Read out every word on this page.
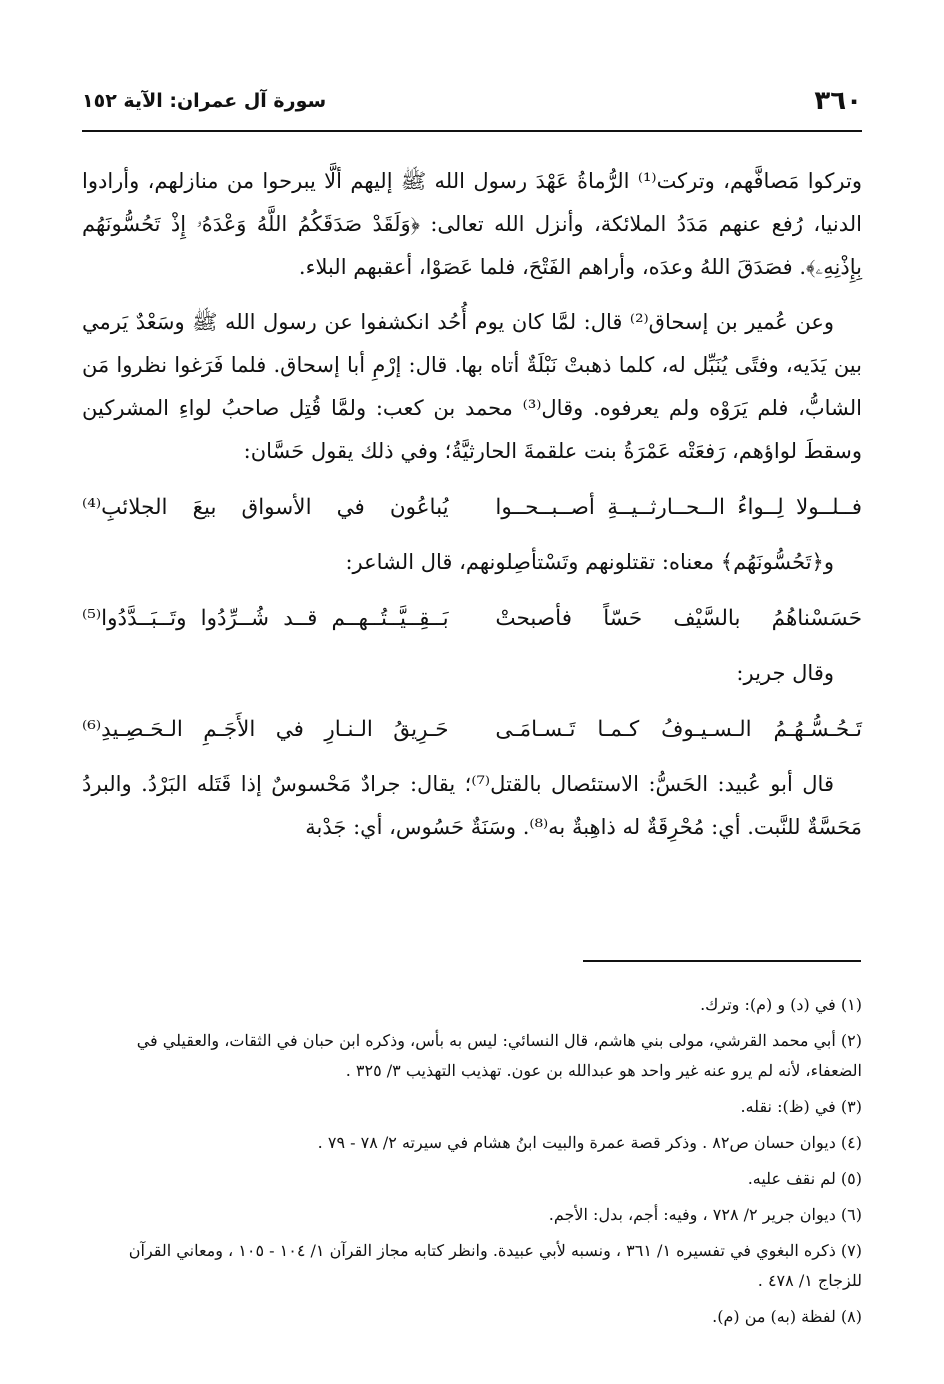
٣٦٠
سورة آل عمران: الآية ١٥٢

وتركوا مَصافَّهم، وتركت⁽¹⁾ الرُّماةُ عَهْدَ رسول الله ﷺ إليهم ألَّا يبرحوا من منازلهم، وأرادوا الدنيا، رُفع عنهم مَدَدُ الملائكة، وأنزل الله تعالى: ﴿وَلَقَدْ صَدَقَكُمُ اللَّهُ وَعْدَهُۥ إِذْ تَحُسُّونَهُم بِإِذْنِهِۦ﴾. فصَدَقَ اللهُ وعدَه، وأراهم الفَتْحَ، فلما عَصَوْا، أعقبهم البلاء.

وعن عُمير بن إسحاق⁽²⁾ قال: لمَّا كان يوم أُحُد انكشفوا عن رسول الله ﷺ وسَعْدٌ يَرمي بين يَدَيه، وفتًى يُنَبِّل له، كلما ذهبتْ نَبْلَةٌ أتاه بها. قال: إرْمِ أبا إسحاق. فلما فَرَغوا نظروا مَن الشابُّ، فلم يَرَوْه ولم يعرفوه. وقال⁽³⁾ محمد بن كعب: ولمَّا قُتِل صاحبُ لواءِ المشركين وسقطَ لواؤهم، رَفعَتْه عَمْرَةُ بنت علقمةَ الحارثيَّةُ؛ وفي ذلك يقول حَسَّان:

فــلــولا لِــواءُ الــحــارثــيــةِ أصــبــحــوا
يُباعُون في الأسواق بيعَ الجلائبِ⁽⁴⁾

و﴿تَحُسُّونَهُم﴾ معناه: تقتلونهم وتَسْتأصِلونهم، قال الشاعر:

حَسَسْناهُمُ بالسَّيْف حَسّاً فأصبحتْ
بَــقِــيَّــتُــهــم قــد شُــرِّدُوا وتَــبَــدَّدُوا⁽⁵⁾

وقال جرير:

تَـحُـسُّـهُـمُ الـسـيـوفُ كـمـا تَـسـامَـى
حَـرِيقُ الـنـارِ في الأَجَـمِ الـحَـصِـيدِ⁽⁶⁾

قال أبو عُبيد: الحَسُّ: الاستئصال بالقتل⁽⁷⁾؛ يقال: جرادٌ مَحْسوسٌ إذا قَتَله البَرْدُ. والبردُ مَحَسَّةٌ للنَّبت. أي: مُحْرِقَةٌ له ذاهِبةٌ به⁽⁸⁾. وسَنَةٌ حَسُوس، أي: جَدْبة

(١) في (د) و (م): وترك.
(٢) أبي محمد القرشي، مولى بني هاشم، قال النسائي: ليس به بأس، وذكره ابن حبان في الثقات، والعقيلي في الضعفاء، لأنه لم يرو عنه غير واحد هو عبدالله بن عون. تهذيب التهذيب ٣/ ٣٢٥ .
(٣) في (ظ): نقله.
(٤) ديوان حسان ص٨٢ . وذكر قصة عمرة والبيت ابنُ هشام في سيرته ٢/ ٧٨ - ٧٩ .
(٥) لم نقف عليه.
(٦) ديوان جرير ٢/ ٧٢٨ ، وفيه: أجم، بدل: الأجم.
(٧) ذكره البغوي في تفسيره ١/ ٣٦١ ، ونسبه لأبي عبيدة. وانظر كتابه مجاز القرآن ١/ ١٠٤ - ١٠٥ ، ومعاني القرآن للزجاج ١/ ٤٧٨ .
(٨) لفظة (به) من (م).
